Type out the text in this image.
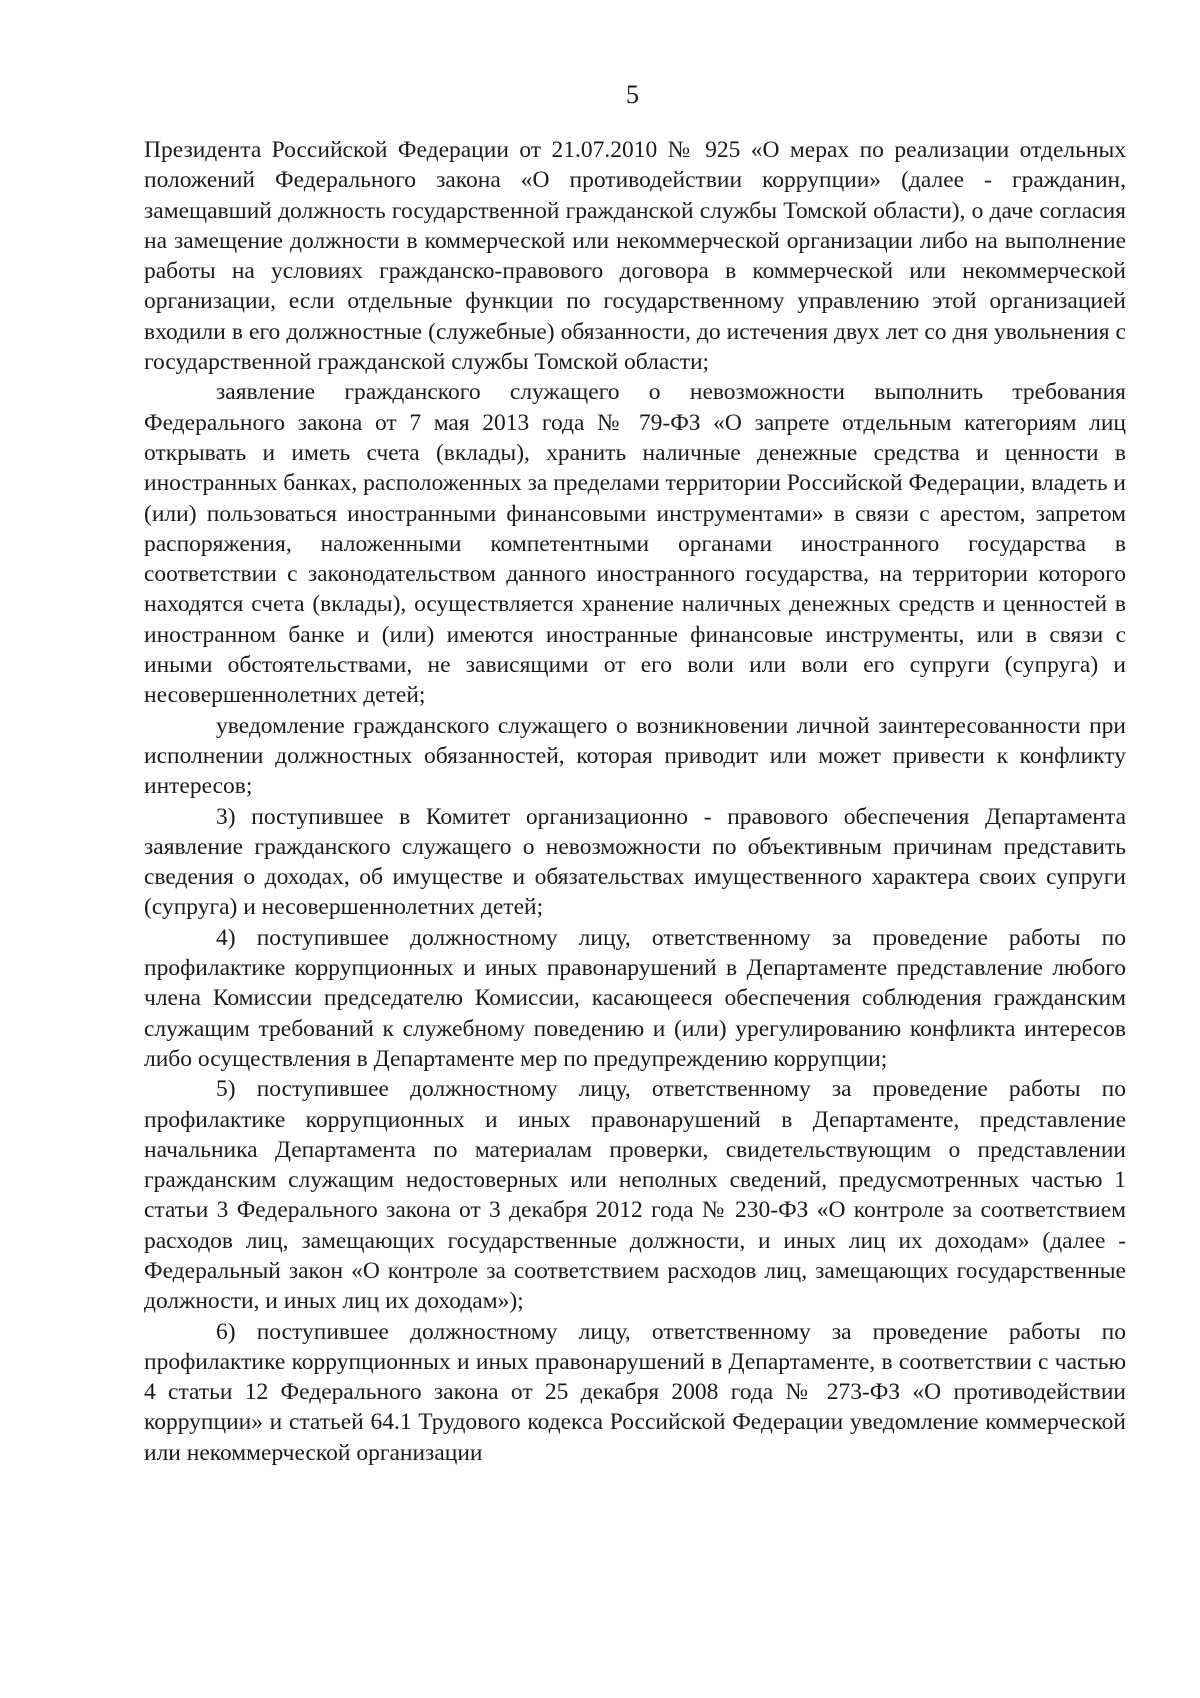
5

Президента Российской Федерации от 21.07.2010 № 925 «О мерах по реализации отдельных положений Федерального закона «О противодействии коррупции» (далее - гражданин, замещавший должность государственной гражданской службы Томской области), о даче согласия на замещение должности в коммерческой или некоммерческой организации либо на выполнение работы на условиях гражданско-правового договора в коммерческой или некоммерческой организации, если отдельные функции по государственному управлению этой организацией входили в его должностные (служебные) обязанности, до истечения двух лет со дня увольнения с государственной гражданской службы Томской области;

заявление гражданского служащего о невозможности выполнить требования Федерального закона от 7 мая 2013 года № 79-ФЗ «О запрете отдельным категориям лиц открывать и иметь счета (вклады), хранить наличные денежные средства и ценности в иностранных банках, расположенных за пределами территории Российской Федерации, владеть и (или) пользоваться иностранными финансовыми инструментами» в связи с арестом, запретом распоряжения, наложенными компетентными органами иностранного государства в соответствии с законодательством данного иностранного государства, на территории которого находятся счета (вклады), осуществляется хранение наличных денежных средств и ценностей в иностранном банке и (или) имеются иностранные финансовые инструменты, или в связи с иными обстоятельствами, не зависящими от его воли или воли его супруги (супруга) и несовершеннолетних детей;

уведомление гражданского служащего о возникновении личной заинтересованности при исполнении должностных обязанностей, которая приводит или может привести к конфликту интересов;

3) поступившее в Комитет организационно - правового обеспечения Департамента заявление гражданского служащего о невозможности по объективным причинам представить сведения о доходах, об имуществе и обязательствах имущественного характера своих супруги (супруга) и несовершеннолетних детей;

4) поступившее должностному лицу, ответственному за проведение работы по профилактике коррупционных и иных правонарушений в Департаменте представление любого члена Комиссии председателю Комиссии, касающееся обеспечения соблюдения гражданским служащим требований к служебному поведению и (или) урегулированию конфликта интересов либо осуществления в Департаменте мер по предупреждению коррупции;

5) поступившее должностному лицу, ответственному за проведение работы по профилактике коррупционных и иных правонарушений в Департаменте, представление начальника Департамента по материалам проверки, свидетельствующим о представлении гражданским служащим недостоверных или неполных сведений, предусмотренных частью 1 статьи 3 Федерального закона от 3 декабря 2012 года № 230-ФЗ «О контроле за соответствием расходов лиц, замещающих государственные должности, и иных лиц их доходам» (далее - Федеральный закон «О контроле за соответствием расходов лиц, замещающих государственные должности, и иных лиц их доходам»);

6) поступившее должностному лицу, ответственному за проведение работы по профилактике коррупционных и иных правонарушений в Департаменте, в соответствии с частью 4 статьи 12 Федерального закона от 25 декабря 2008 года № 273-ФЗ «О противодействии коррупции» и статьей 64.1 Трудового кодекса Российской Федерации уведомление коммерческой или некоммерческой организации
